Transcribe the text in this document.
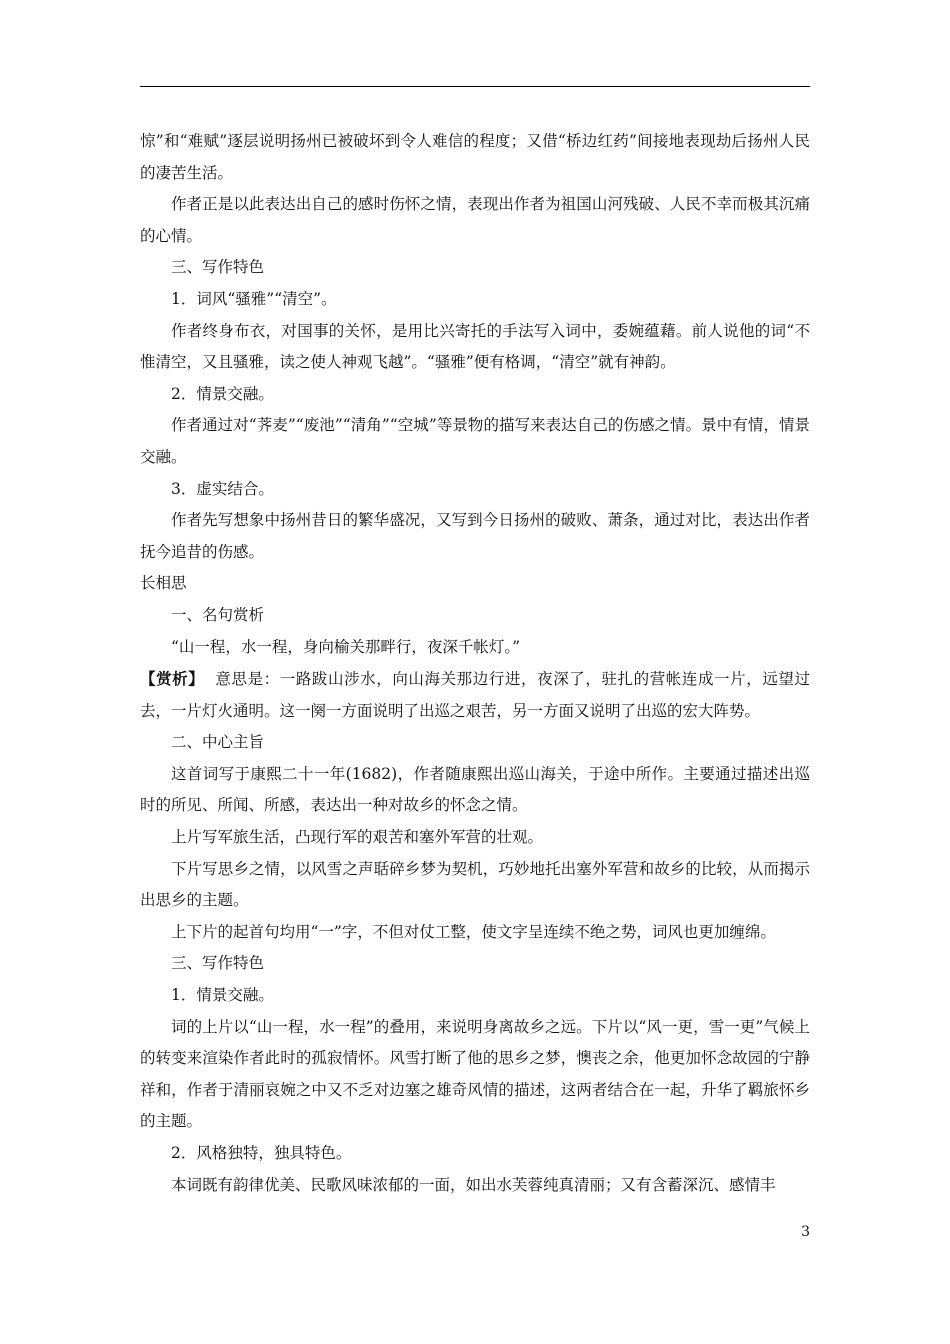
惊”和“难赋”逐层说明扬州已被破坏到令人难信的程度；又借“桥边红药”间接地表现劫后扬州人民的凄苦生活。

作者正是以此表达出自己的感时伤怀之情，表现出作者为祖国山河残破、人民不幸而极其沉痛的心情。

三、写作特色

1．词风“骚雅”“清空”。

作者终身布衣，对国事的关怀，是用比兴寄托的手法写入词中，委婉蕴藉。前人说他的词“不惟清空，又且骚雅，读之使人神观飞越”。“骚雅”便有格调，“清空”就有神韵。

2．情景交融。

作者通过对“荠麦”“废池”“清角”“空城”等景物的描写来表达自己的伤感之情。景中有情，情景交融。

3．虚实结合。

作者先写想象中扬州昔日的繁华盛况，又写到今日扬州的破败、萧条，通过对比，表达出作者抚今追昔的伤感。

长相思

一、名句赏析

“山一程，水一程，身向榆关那畔行，夜深千帐灯。”

【赏析】 意思是：一路跋山涉水，向山海关那边行进，夜深了，驻扎的营帐连成一片，远望过去，一片灯火通明。这一阕一方面说明了出巡之艰苦，另一方面又说明了出巡的宏大阵势。

二、中心主旨

这首词写于康熙二十一年(1682)，作者随康熙出巡山海关，于途中所作。主要通过描述出巡时的所见、所闻、所感，表达出一种对故乡的怀念之情。

上片写军旅生活，凸现行军的艰苦和塞外军营的壮观。

下片写思乡之情，以风雪之声聒碎乡梦为契机，巧妙地托出塞外军营和故乡的比较，从而揭示出思乡的主题。

上下片的起首句均用“一”字，不但对仗工整，使文字呈连续不绝之势，词风也更加缠绵。

三、写作特色

1．情景交融。

词的上片以“山一程，水一程”的叠用，来说明身离故乡之远。下片以“风一更，雪一更”气候上的转变来渲染作者此时的孤寂情怀。风雪打断了他的思乡之梦，懊丧之余，他更加怀念故园的宁静祥和，作者于清丽哀婉之中又不乏对边塞之雄奇风情的描述，这两者结合在一起，升华了羁旅怀乡的主题。

2．风格独特，独具特色。

本词既有韵律优美、民歌风味浓郁的一面，如出水芙蓉纯真清丽；又有含蓄深沉、感情丰

3
